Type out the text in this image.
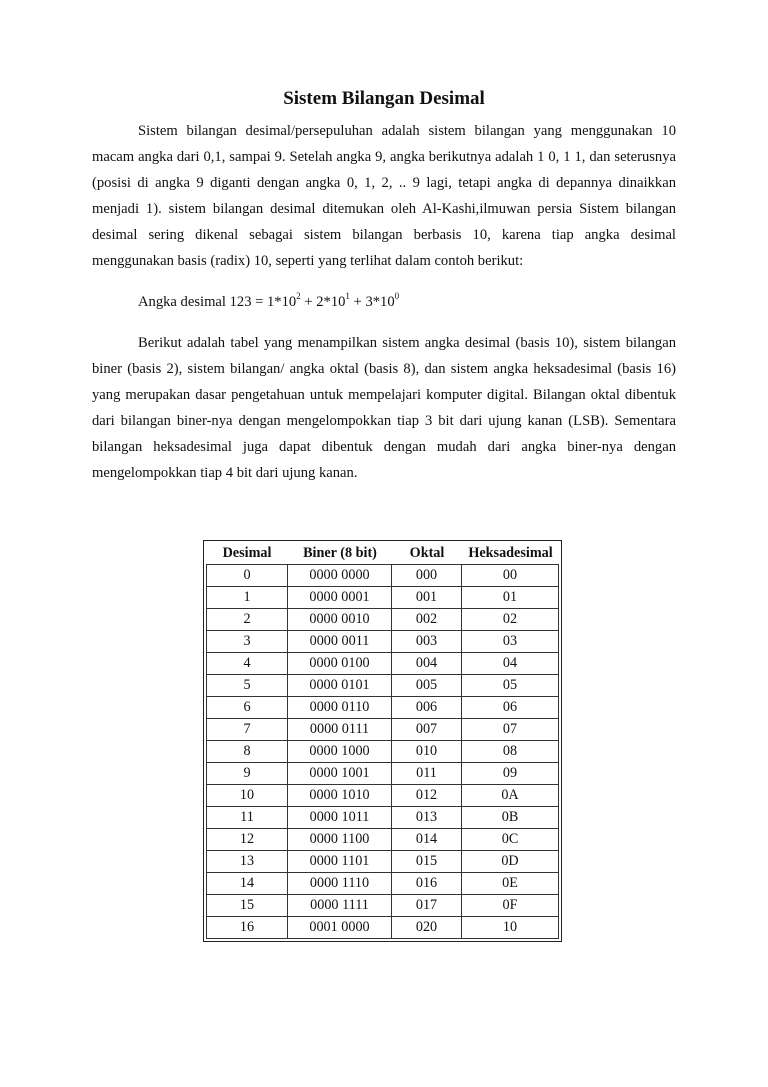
Sistem Bilangan Desimal

Sistem bilangan desimal/persepuluhan adalah sistem bilangan yang menggunakan 10 macam angka dari 0,1, sampai 9. Setelah angka 9, angka berikutnya adalah 1 0, 1 1, dan seterusnya (posisi di angka 9 diganti dengan angka 0, 1, 2, .. 9 lagi, tetapi angka di depannya dinaikkan menjadi 1). sistem bilangan desimal ditemukan oleh Al-Kashi,ilmuwan persia Sistem bilangan desimal sering dikenal sebagai sistem bilangan berbasis 10, karena tiap angka desimal menggunakan basis (radix) 10, seperti yang terlihat dalam contoh berikut:

Angka desimal $123 = 1*10^2 + 2*10^1 + 3*10^0$

Berikut adalah tabel yang menampilkan sistem angka desimal (basis 10), sistem bilangan biner (basis 2), sistem bilangan/ angka oktal (basis 8), dan sistem angka heksadesimal (basis 16) yang merupakan dasar pengetahuan untuk mempelajari komputer digital. Bilangan oktal dibentuk dari bilangan biner-nya dengan mengelompokkan tiap 3 bit dari ujung kanan (LSB). Sementara bilangan heksadesimal juga dapat dibentuk dengan mudah dari angka biner-nya dengan mengelompokkan tiap 4 bit dari ujung kanan.

Desimal	Biner (8 bit)	Oktal	Heksadesimal
0	0000 0000	000	00
1	0000 0001	001	01
2	0000 0010	002	02
3	0000 0011	003	03
4	0000 0100	004	04
5	0000 0101	005	05
6	0000 0110	006	06
7	0000 0111	007	07
8	0000 1000	010	08
9	0000 1001	011	09
10	0000 1010	012	0A
11	0000 1011	013	0B
12	0000 1100	014	0C
13	0000 1101	015	0D
14	0000 1110	016	0E
15	0000 1111	017	0F
16	0001 0000	020	10
